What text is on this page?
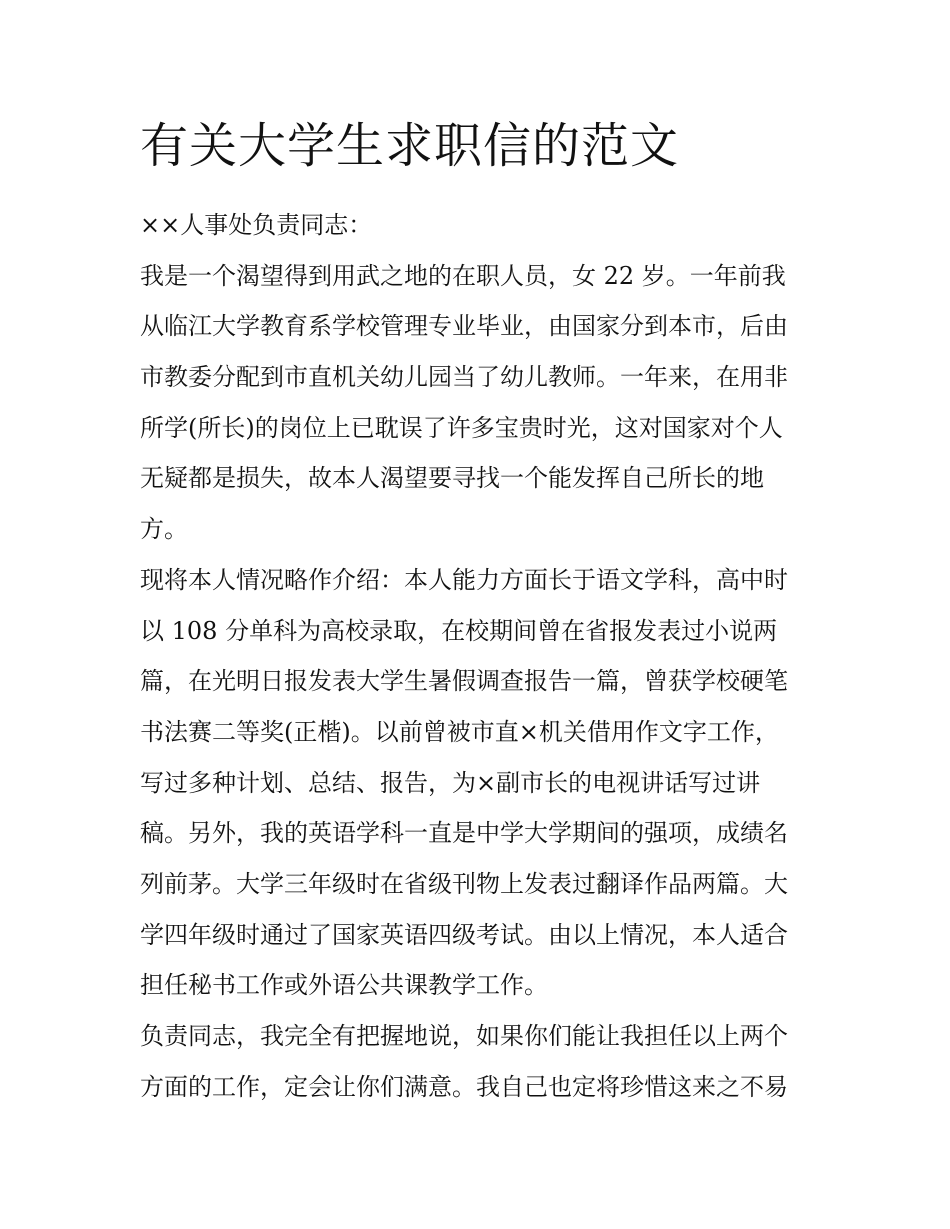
有关大学生求职信的范文
××人事处负责同志：
我是一个渴望得到用武之地的在职人员，女 22 岁。一年前我
从临江大学教育系学校管理专业毕业，由国家分到本市，后由
市教委分配到市直机关幼儿园当了幼儿教师。一年来，在用非
所学(所长)的岗位上已耽误了许多宝贵时光，这对国家对个人
无疑都是损失，故本人渴望要寻找一个能发挥自己所长的地
方。
现将本人情况略作介绍：本人能力方面长于语文学科，高中时
以 108 分单科为高校录取，在校期间曾在省报发表过小说两
篇，在光明日报发表大学生暑假调查报告一篇，曾获学校硬笔
书法赛二等奖(正楷)。以前曾被市直×机关借用作文字工作，
写过多种计划、总结、报告，为×副市长的电视讲话写过讲
稿。另外，我的英语学科一直是中学大学期间的强项，成绩名
列前茅。大学三年级时在省级刊物上发表过翻译作品两篇。大
学四年级时通过了国家英语四级考试。由以上情况，本人适合
担任秘书工作或外语公共课教学工作。
负责同志，我完全有把握地说，如果你们能让我担任以上两个
方面的工作，定会让你们满意。我自己也定将珍惜这来之不易
